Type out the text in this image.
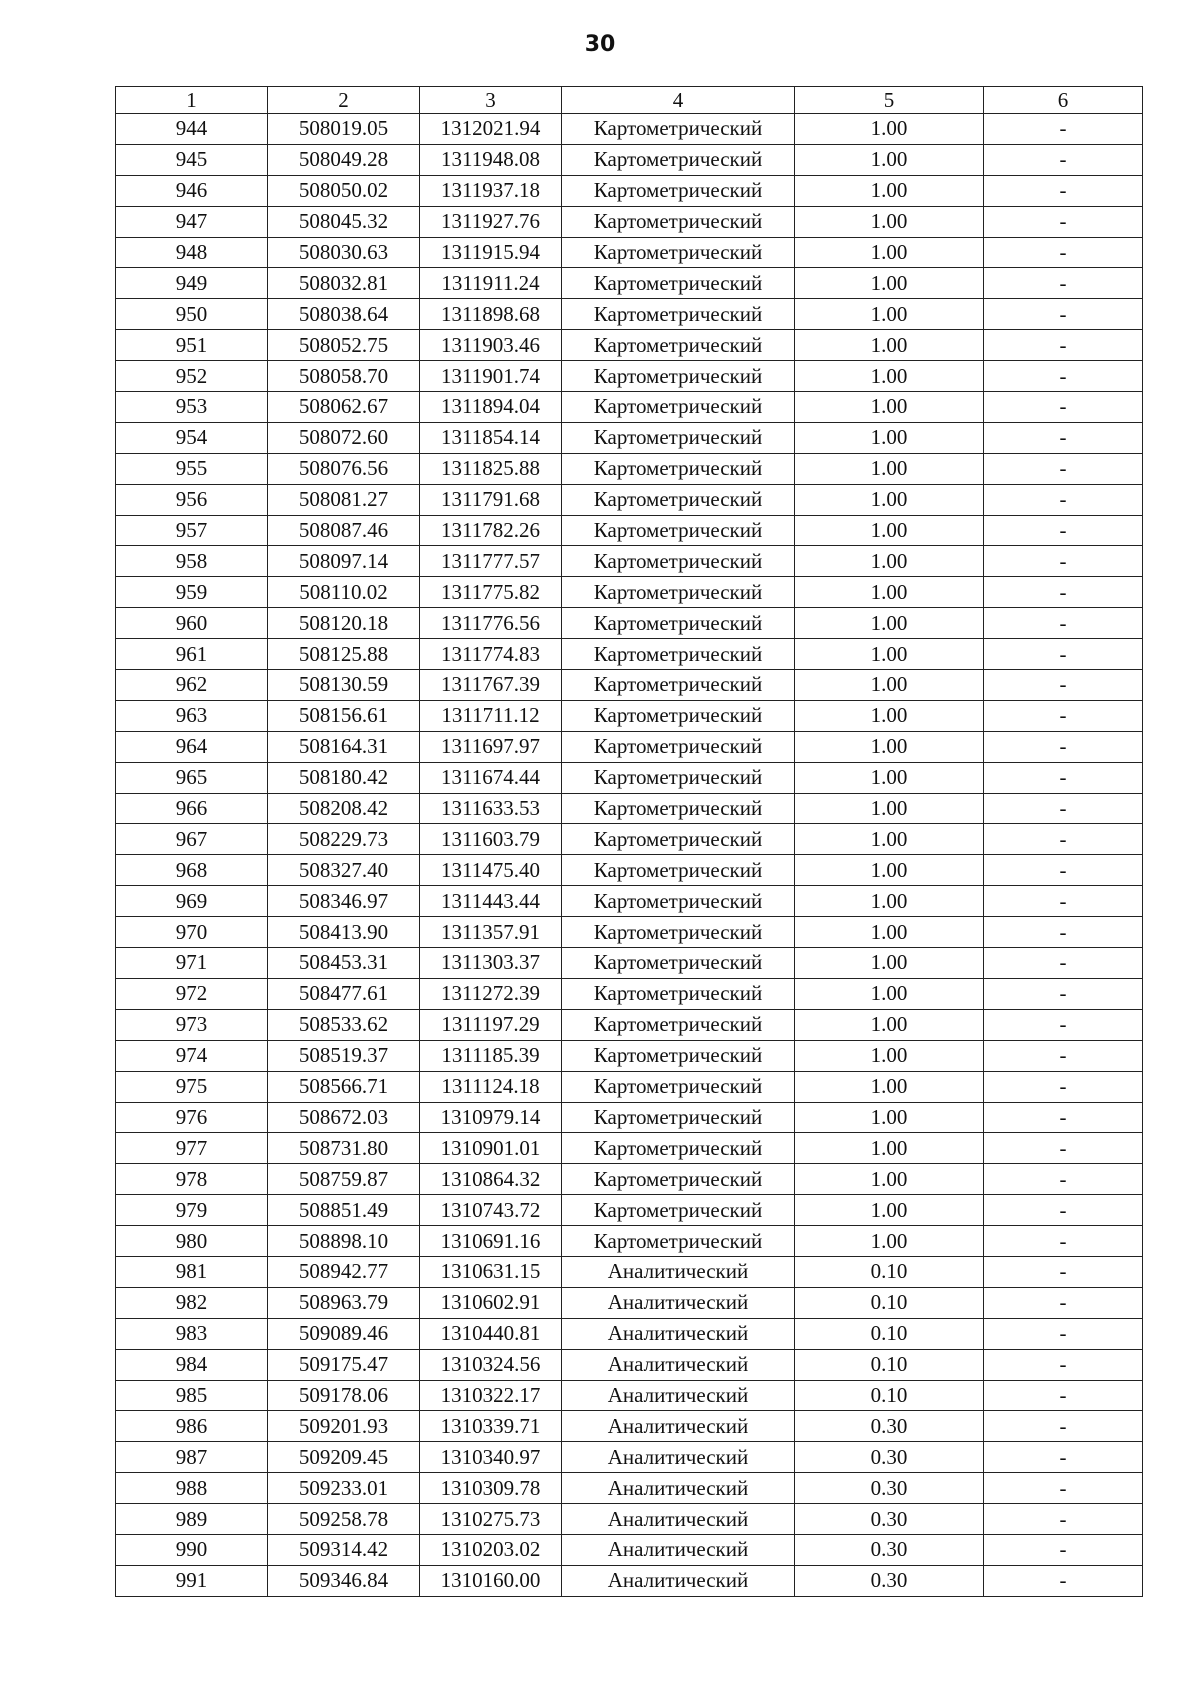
30
1	2	3	4	5	6
944	508019.05	1312021.94	Картометрический	1.00	-
945	508049.28	1311948.08	Картометрический	1.00	-
946	508050.02	1311937.18	Картометрический	1.00	-
947	508045.32	1311927.76	Картометрический	1.00	-
948	508030.63	1311915.94	Картометрический	1.00	-
949	508032.81	1311911.24	Картометрический	1.00	-
950	508038.64	1311898.68	Картометрический	1.00	-
951	508052.75	1311903.46	Картометрический	1.00	-
952	508058.70	1311901.74	Картометрический	1.00	-
953	508062.67	1311894.04	Картометрический	1.00	-
954	508072.60	1311854.14	Картометрический	1.00	-
955	508076.56	1311825.88	Картометрический	1.00	-
956	508081.27	1311791.68	Картометрический	1.00	-
957	508087.46	1311782.26	Картометрический	1.00	-
958	508097.14	1311777.57	Картометрический	1.00	-
959	508110.02	1311775.82	Картометрический	1.00	-
960	508120.18	1311776.56	Картометрический	1.00	-
961	508125.88	1311774.83	Картометрический	1.00	-
962	508130.59	1311767.39	Картометрический	1.00	-
963	508156.61	1311711.12	Картометрический	1.00	-
964	508164.31	1311697.97	Картометрический	1.00	-
965	508180.42	1311674.44	Картометрический	1.00	-
966	508208.42	1311633.53	Картометрический	1.00	-
967	508229.73	1311603.79	Картометрический	1.00	-
968	508327.40	1311475.40	Картометрический	1.00	-
969	508346.97	1311443.44	Картометрический	1.00	-
970	508413.90	1311357.91	Картометрический	1.00	-
971	508453.31	1311303.37	Картометрический	1.00	-
972	508477.61	1311272.39	Картометрический	1.00	-
973	508533.62	1311197.29	Картометрический	1.00	-
974	508519.37	1311185.39	Картометрический	1.00	-
975	508566.71	1311124.18	Картометрический	1.00	-
976	508672.03	1310979.14	Картометрический	1.00	-
977	508731.80	1310901.01	Картометрический	1.00	-
978	508759.87	1310864.32	Картометрический	1.00	-
979	508851.49	1310743.72	Картометрический	1.00	-
980	508898.10	1310691.16	Картометрический	1.00	-
981	508942.77	1310631.15	Аналитический	0.10	-
982	508963.79	1310602.91	Аналитический	0.10	-
983	509089.46	1310440.81	Аналитический	0.10	-
984	509175.47	1310324.56	Аналитический	0.10	-
985	509178.06	1310322.17	Аналитический	0.10	-
986	509201.93	1310339.71	Аналитический	0.30	-
987	509209.45	1310340.97	Аналитический	0.30	-
988	509233.01	1310309.78	Аналитический	0.30	-
989	509258.78	1310275.73	Аналитический	0.30	-
990	509314.42	1310203.02	Аналитический	0.30	-
991	509346.84	1310160.00	Аналитический	0.30	-
